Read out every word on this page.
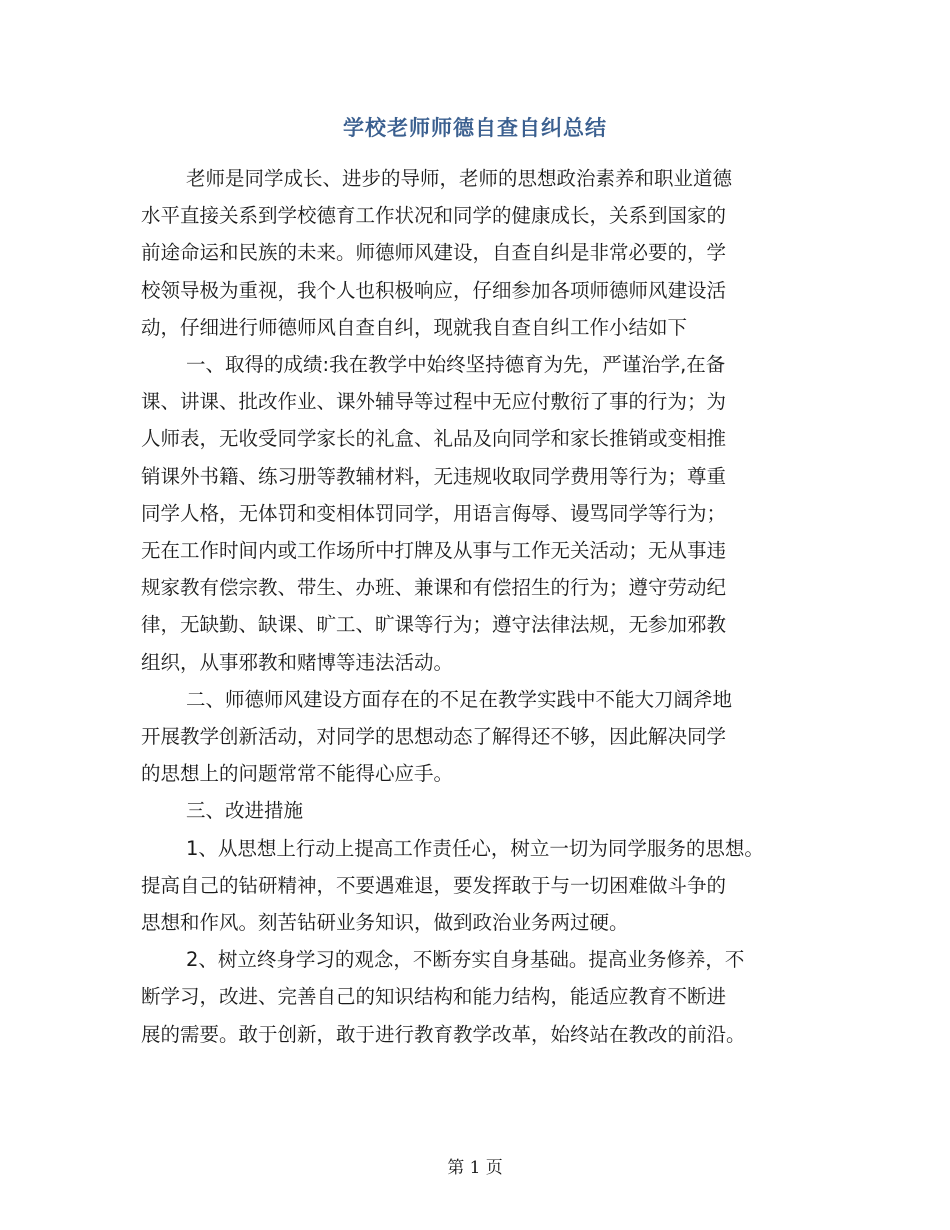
学校老师师德自查自纠总结

老师是同学成长、进步的导师，老师的思想政治素养和职业道德
水平直接关系到学校德育工作状况和同学的健康成长，关系到国家的
前途命运和民族的未来。师德师风建设，自查自纠是非常必要的，学
校领导极为重视，我个人也积极响应，仔细参加各项师德师风建设活
动，仔细进行师德师风自查自纠，现就我自查自纠工作小结如下

一、取得的成绩:我在教学中始终坚持德育为先，严谨治学,在备
课、讲课、批改作业、课外辅导等过程中无应付敷衍了事的行为；为
人师表，无收受同学家长的礼盒、礼品及向同学和家长推销或变相推
销课外书籍、练习册等教辅材料，无违规收取同学费用等行为；尊重
同学人格，无体罚和变相体罚同学，用语言侮辱、谩骂同学等行为；
无在工作时间内或工作场所中打牌及从事与工作无关活动；无从事违
规家教有偿宗教、带生、办班、兼课和有偿招生的行为；遵守劳动纪
律，无缺勤、缺课、旷工、旷课等行为；遵守法律法规，无参加邪教
组织，从事邪教和赌博等违法活动。

二、师德师风建设方面存在的不足在教学实践中不能大刀阔斧地
开展教学创新活动，对同学的思想动态了解得还不够，因此解决同学
的思想上的问题常常不能得心应手。

三、改进措施

1、从思想上行动上提高工作责任心，树立一切为同学服务的思想。
提高自己的钻研精神，不要遇难退，要发挥敢于与一切困难做斗争的
思想和作风。刻苦钻研业务知识，做到政治业务两过硬。

2、树立终身学习的观念，不断夯实自身基础。提高业务修养，不
断学习，改进、完善自己的知识结构和能力结构，能适应教育不断进
展的需要。敢于创新，敢于进行教育教学改革，始终站在教改的前沿。

第 1 页
